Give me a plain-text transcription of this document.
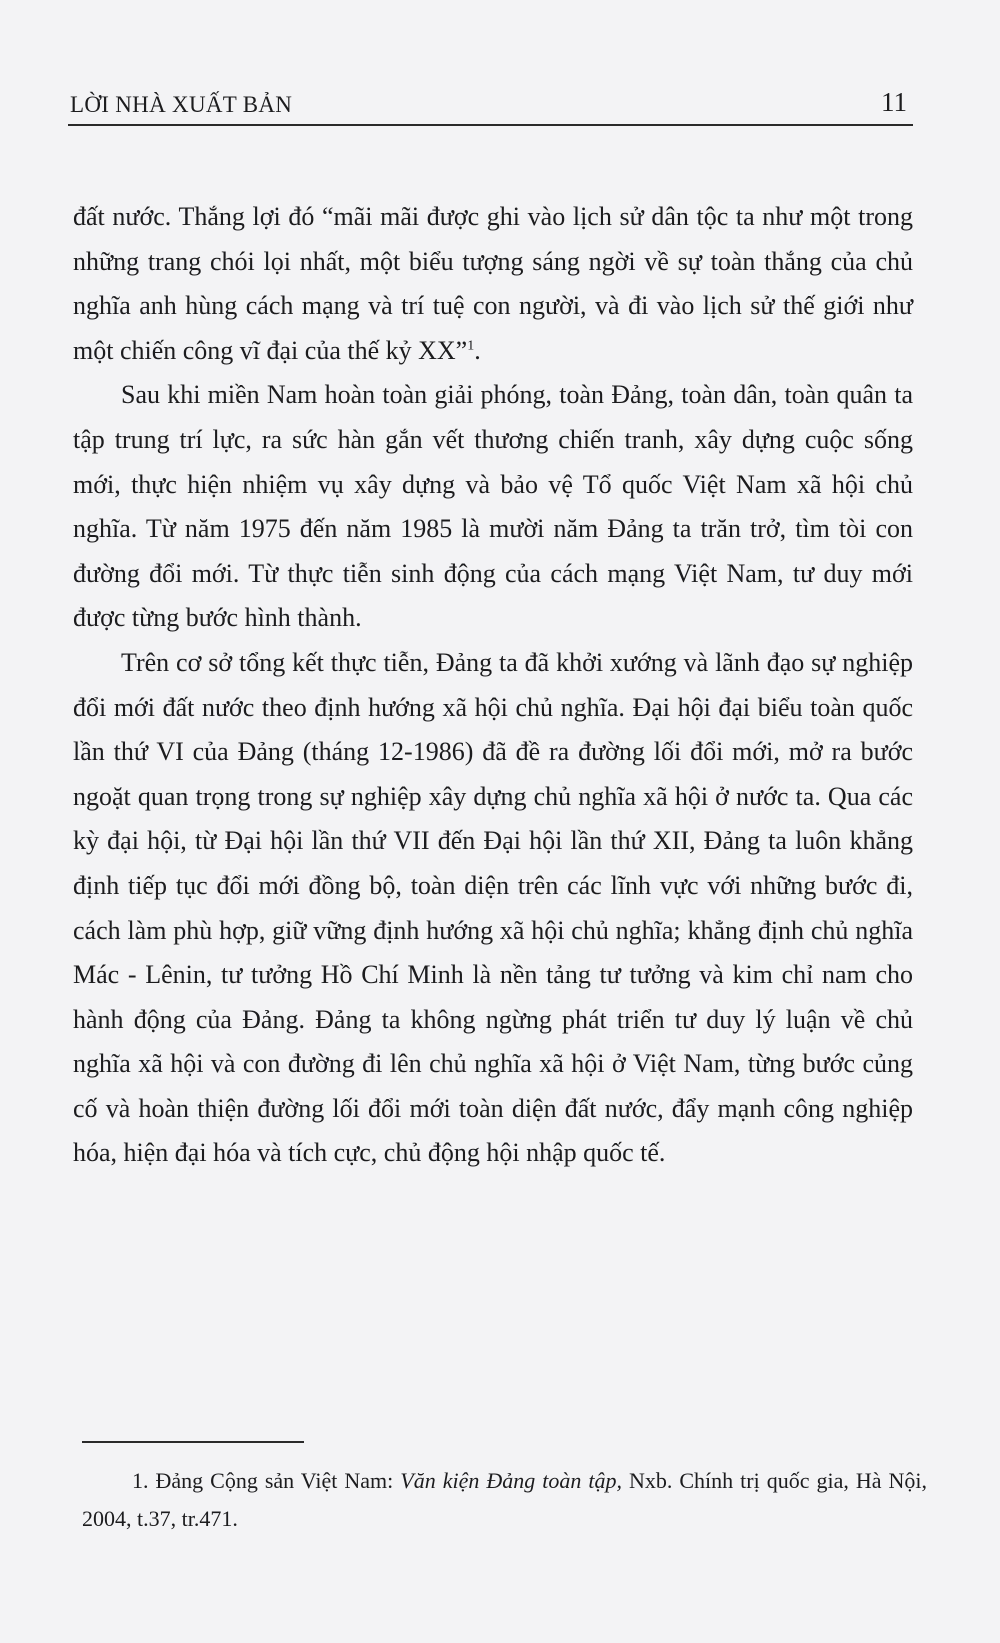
LỜI NHÀ XUẤT BẢN	11

đất nước. Thắng lợi đó “mãi mãi được ghi vào lịch sử dân tộc ta như một trong những trang chói lọi nhất, một biểu tượng sáng ngời về sự toàn thắng của chủ nghĩa anh hùng cách mạng và trí tuệ con người, và đi vào lịch sử thế giới như một chiến công vĩ đại của thế kỷ XX”$^1$.

Sau khi miền Nam hoàn toàn giải phóng, toàn Đảng, toàn dân, toàn quân ta tập trung trí lực, ra sức hàn gắn vết thương chiến tranh, xây dựng cuộc sống mới, thực hiện nhiệm vụ xây dựng và bảo vệ Tổ quốc Việt Nam xã hội chủ nghĩa. Từ năm 1975 đến năm 1985 là mười năm Đảng ta trăn trở, tìm tòi con đường đổi mới. Từ thực tiễn sinh động của cách mạng Việt Nam, tư duy mới được từng bước hình thành.

Trên cơ sở tổng kết thực tiễn, Đảng ta đã khởi xướng và lãnh đạo sự nghiệp đổi mới đất nước theo định hướng xã hội chủ nghĩa. Đại hội đại biểu toàn quốc lần thứ VI của Đảng (tháng 12-1986) đã đề ra đường lối đổi mới, mở ra bước ngoặt quan trọng trong sự nghiệp xây dựng chủ nghĩa xã hội ở nước ta. Qua các kỳ đại hội, từ Đại hội lần thứ VII đến Đại hội lần thứ XII, Đảng ta luôn khẳng định tiếp tục đổi mới đồng bộ, toàn diện trên các lĩnh vực với những bước đi, cách làm phù hợp, giữ vững định hướng xã hội chủ nghĩa; khẳng định chủ nghĩa Mác - Lênin, tư tưởng Hồ Chí Minh là nền tảng tư tưởng và kim chỉ nam cho hành động của Đảng. Đảng ta không ngừng phát triển tư duy lý luận về chủ nghĩa xã hội và con đường đi lên chủ nghĩa xã hội ở Việt Nam, từng bước củng cố và hoàn thiện đường lối đổi mới toàn diện đất nước, đẩy mạnh công nghiệp hóa, hiện đại hóa và tích cực, chủ động hội nhập quốc tế.

1. Đảng Cộng sản Việt Nam: Văn kiện Đảng toàn tập, Nxb. Chính trị quốc gia, Hà Nội, 2004, t.37, tr.471.
